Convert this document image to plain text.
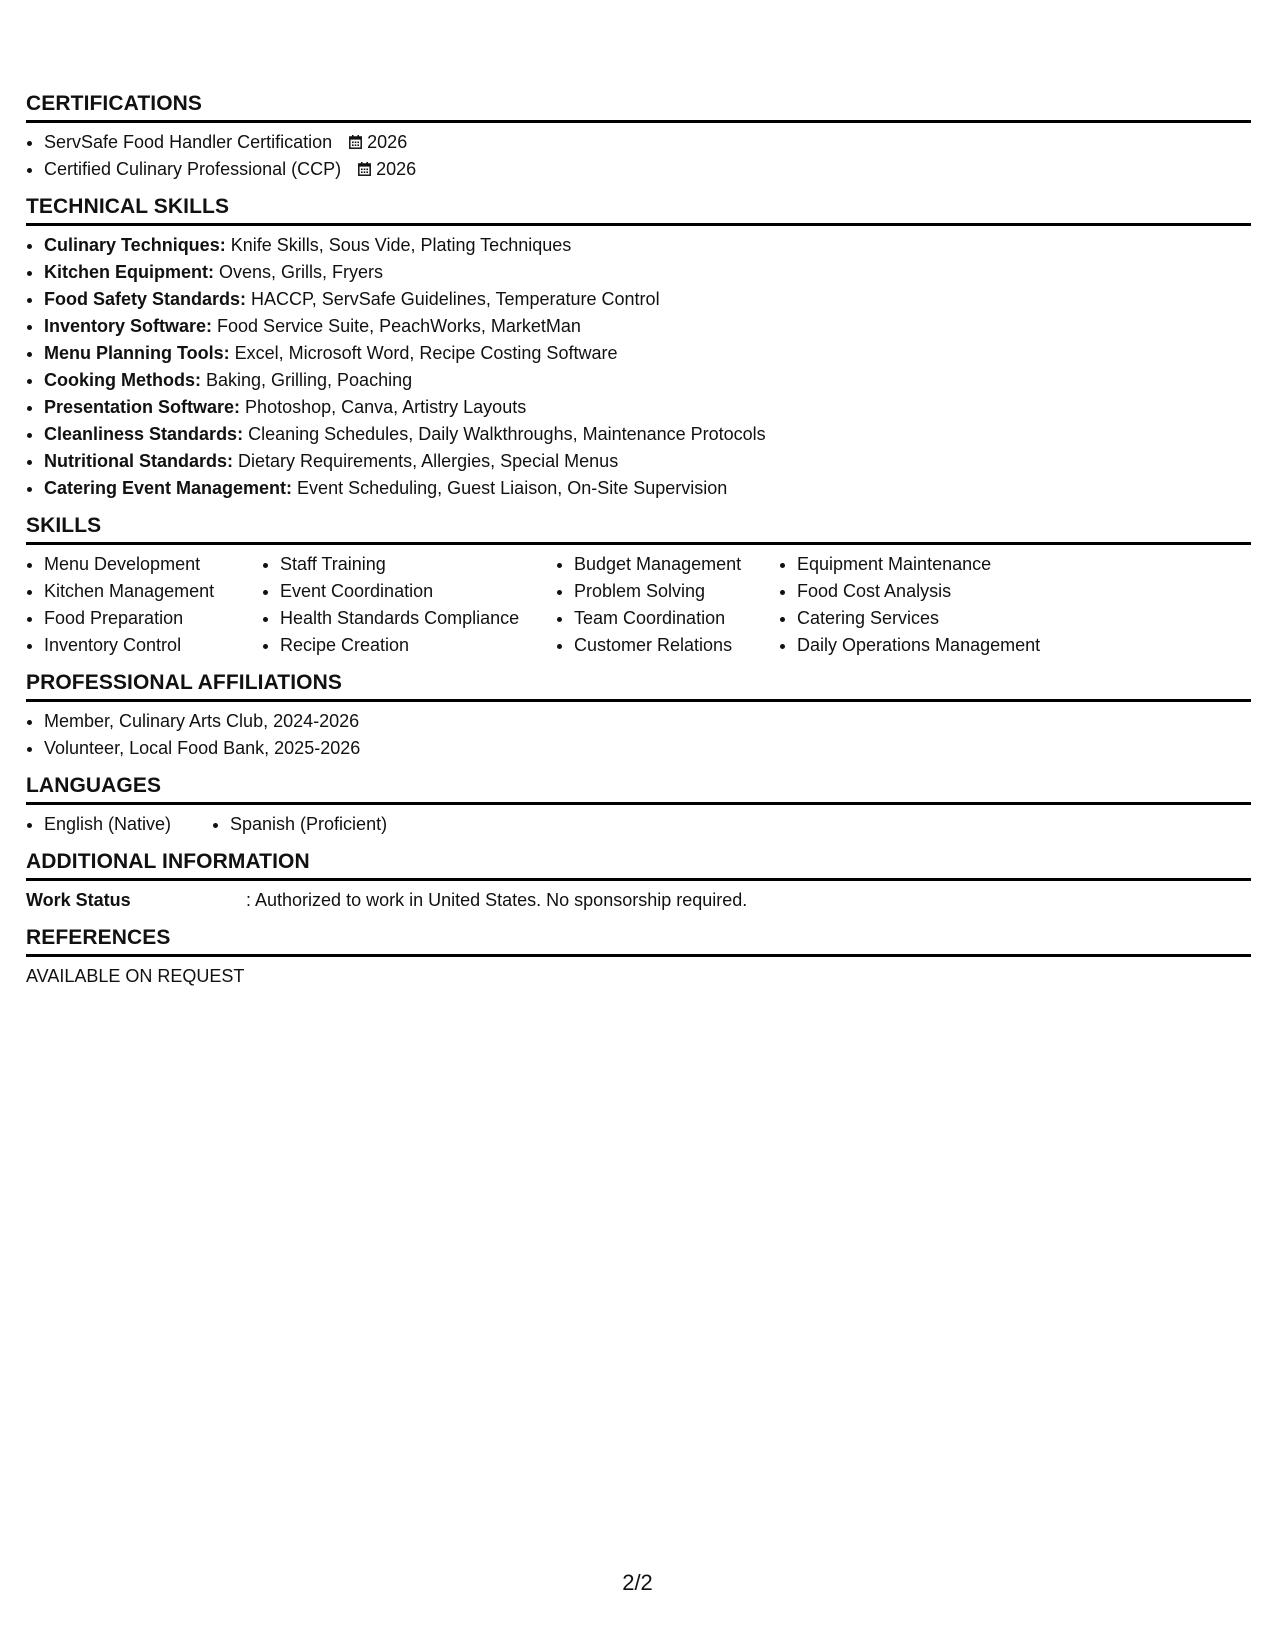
CERTIFICATIONS
• ServSafe Food Handler Certification 2026
• Certified Culinary Professional (CCP) 2026
TECHNICAL SKILLS
• Culinary Techniques: Knife Skills, Sous Vide, Plating Techniques
• Kitchen Equipment: Ovens, Grills, Fryers
• Food Safety Standards: HACCP, ServSafe Guidelines, Temperature Control
• Inventory Software: Food Service Suite, PeachWorks, MarketMan
• Menu Planning Tools: Excel, Microsoft Word, Recipe Costing Software
• Cooking Methods: Baking, Grilling, Poaching
• Presentation Software: Photoshop, Canva, Artistry Layouts
• Cleanliness Standards: Cleaning Schedules, Daily Walkthroughs, Maintenance Protocols
• Nutritional Standards: Dietary Requirements, Allergies, Special Menus
• Catering Event Management: Event Scheduling, Guest Liaison, On-Site Supervision
SKILLS
• Menu Development
• Kitchen Management
• Food Preparation
• Inventory Control
• Staff Training
• Event Coordination
• Health Standards Compliance
• Recipe Creation
• Budget Management
• Problem Solving
• Team Coordination
• Customer Relations
• Equipment Maintenance
• Food Cost Analysis
• Catering Services
• Daily Operations Management
PROFESSIONAL AFFILIATIONS
• Member, Culinary Arts Club, 2024-2026
• Volunteer, Local Food Bank, 2025-2026
LANGUAGES
• English (Native)
•	Spanish (Proficient)
ADDITIONAL INFORMATION
Work Status	: Authorized to work in United States. No sponsorship required.
REFERENCES

AVAILABLE ON REQUEST

2/2
